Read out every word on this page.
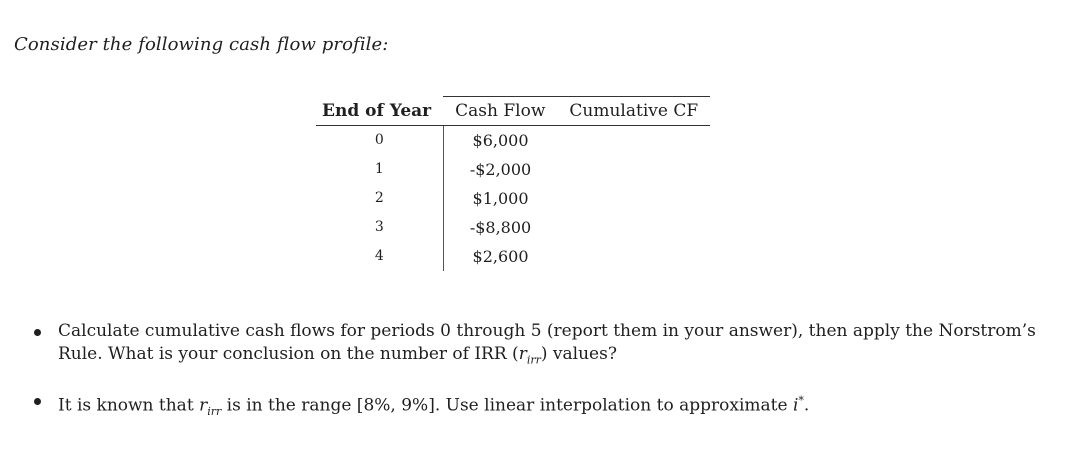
Consider the following cash flow profile:
End of Year	Cash Flow	Cumulative CF
0	$6,000	
1	-$2,000	
2	$1,000	
3	-$8,800	
4	$2,600	
Calculate cumulative cash flows for periods 0 through 5 (report them in your answer), then apply the Norstrom’s Rule. What is your conclusion on the number of IRR $(r_{irr})$ values?
It is known that $r_{irr}$ is in the range [8%, 9%]. Use linear interpolation to approximate i*.
